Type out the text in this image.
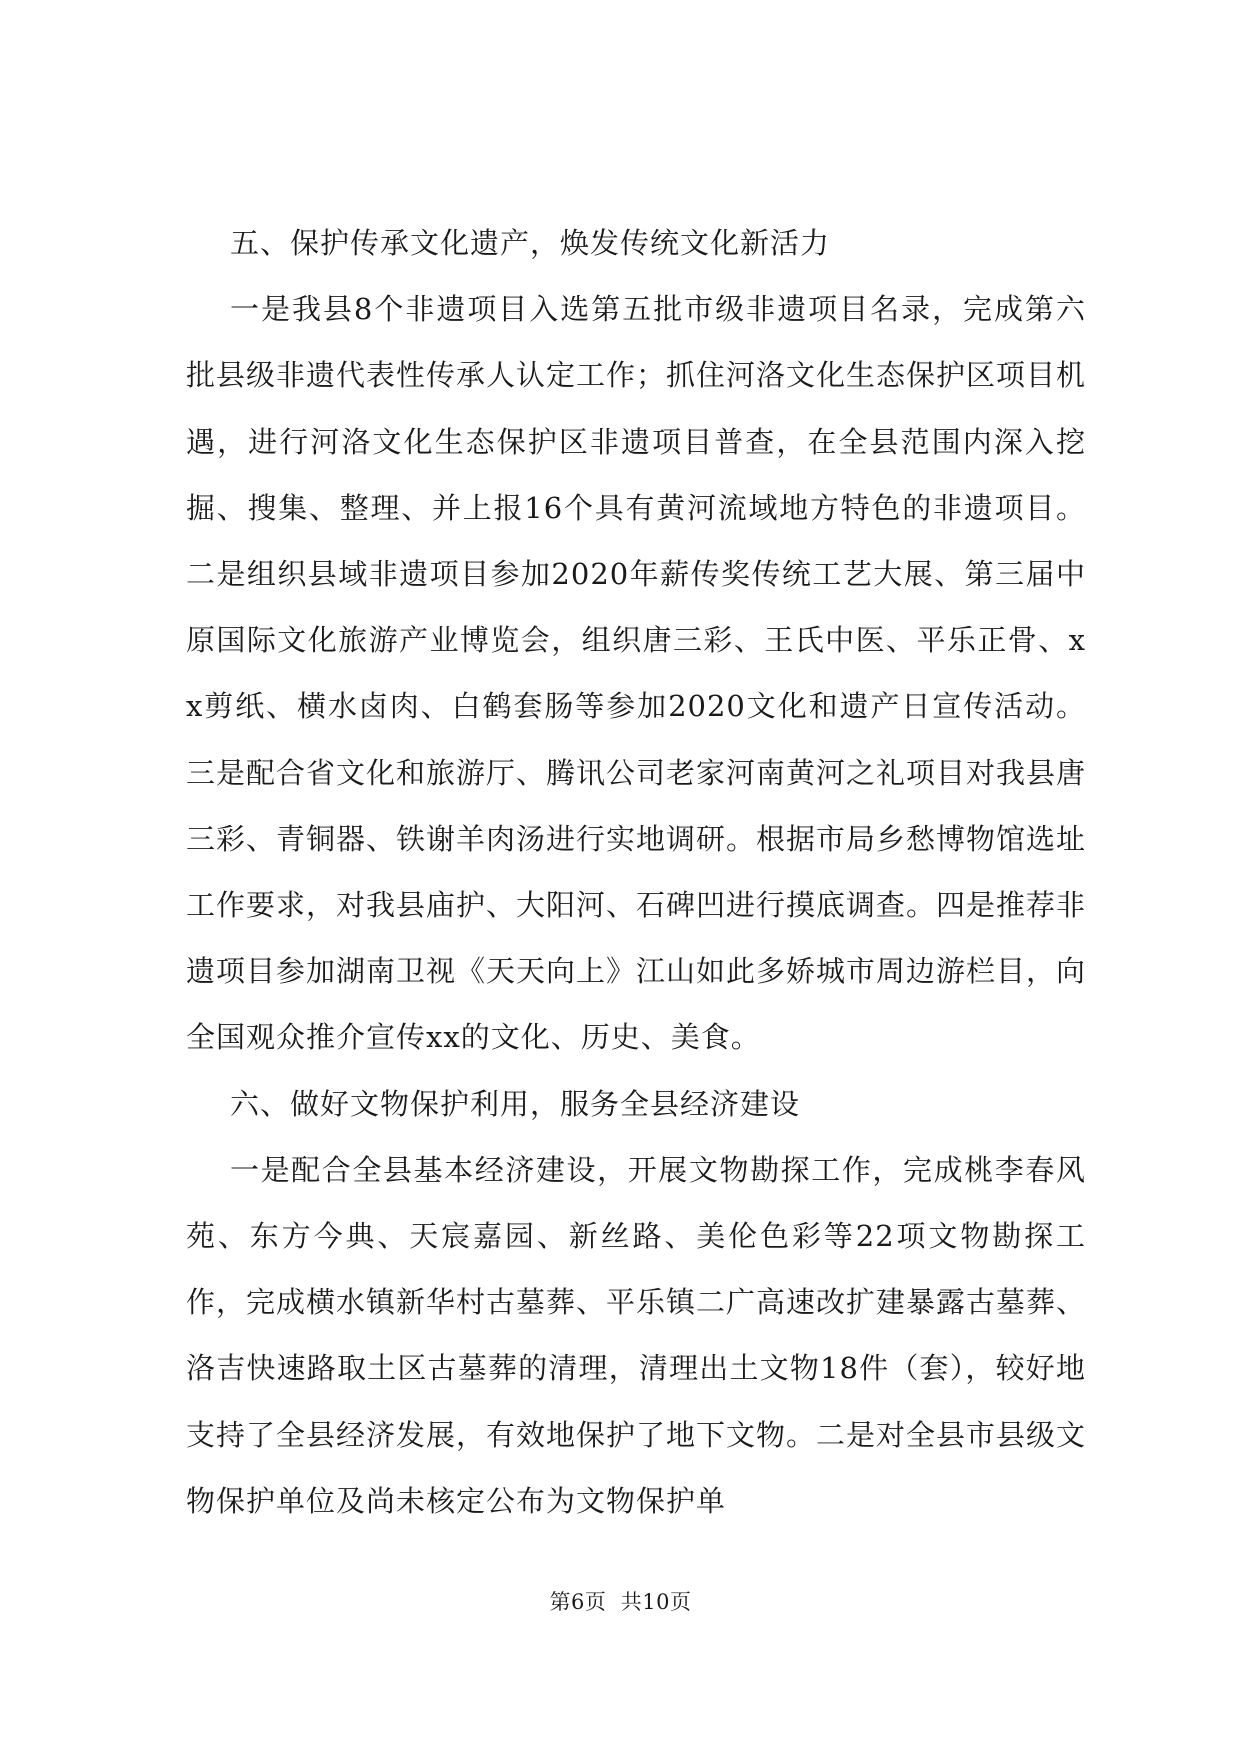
五、保护传承文化遗产，焕发传统文化新活力

一是我县8个非遗项目入选第五批市级非遗项目名录，完成第六批县级非遗代表性传承人认定工作；抓住河洛文化生态保护区项目机遇，进行河洛文化生态保护区非遗项目普查，在全县范围内深入挖掘、搜集、整理、并上报16个具有黄河流域地方特色的非遗项目。二是组织县域非遗项目参加2020年薪传奖传统工艺大展、第三届中原国际文化旅游产业博览会，组织唐三彩、王氏中医、平乐正骨、xx剪纸、横水卤肉、白鹤套肠等参加2020文化和遗产日宣传活动。三是配合省文化和旅游厅、腾讯公司老家河南黄河之礼项目对我县唐三彩、青铜器、铁谢羊肉汤进行实地调研。根据市局乡愁博物馆选址工作要求，对我县庙护、大阳河、石碑凹进行摸底调查。四是推荐非遗项目参加湖南卫视《天天向上》江山如此多娇城市周边游栏目，向全国观众推介宣传xx的文化、历史、美食。

六、做好文物保护利用，服务全县经济建设

一是配合全县基本经济建设，开展文物勘探工作，完成桃李春风苑、东方今典、天宸嘉园、新丝路、美伦色彩等22项文物勘探工作，完成横水镇新华村古墓葬、平乐镇二广高速改扩建暴露古墓葬、洛吉快速路取土区古墓葬的清理，清理出土文物18件（套），较好地支持了全县经济发展，有效地保护了地下文物。二是对全县市县级文物保护单位及尚未核定公布为文物保护单

第6页  共10页
